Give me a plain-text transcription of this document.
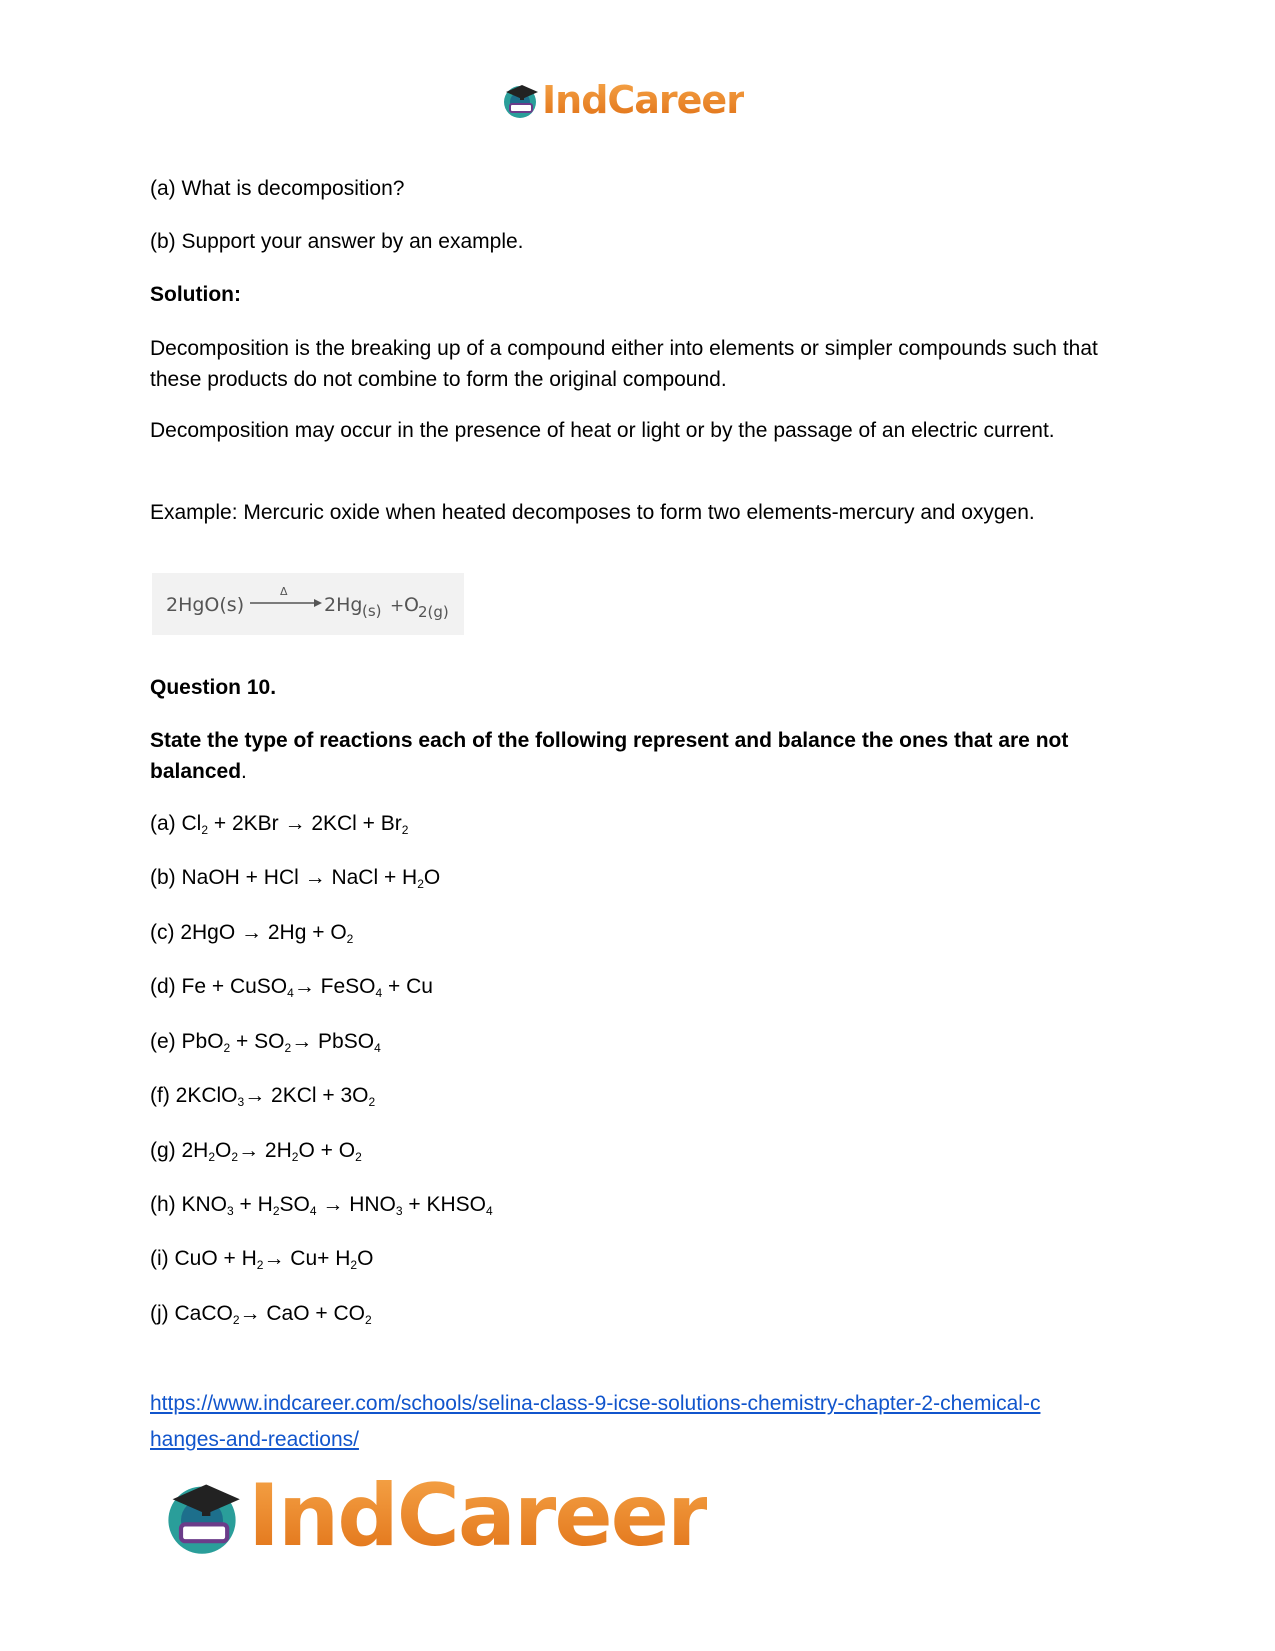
IndCareer
(a) What is decomposition?
(b) Support your answer by an example.
Solution:
Decomposition is the breaking up of a compound either into elements or simpler compounds such that these products do not combine to form the original compound.
Decomposition may occur in the presence of heat or light or by the passage of an electric current.
Example: Mercuric oxide when heated decomposes to form two elements-mercury and oxygen.
2HgO(s)
Δ
2Hg (s) + O 2(g)
Question 10.
State the type of reactions each of the following represent and balance the ones that are not balanced.
(a) $Cl_2 + 2KBr \to 2KCl + Br_2$
(b) NaOH + HCl → NaCl + $H_2O$
(c) $2HgO \to 2Hg + O_2$
(d) Fe + CuSO$_4$→ FeSO$_4$ + Cu
(e) $PbO_2 + SO_2\to$ PbSO$_4$
(f) 2KClO$_3$→ $2KCl + 3O_2$
(g) $2H_2O_2\to 2H_2O + O_2$
(h) $KNO_3 + H_2SO_4 \to HNO_3$ + $KHSO_4$
(i) CuO + $H_2\to Cu+ H_2O$
(j) CaCO$_2$→ CaO + $CO_2$
https://www.indcareer.com/schools/selina-class-9-icse-solutions-chemistry-chapter-2-chemical-c
hanges-and-reactions/
IndCareer
